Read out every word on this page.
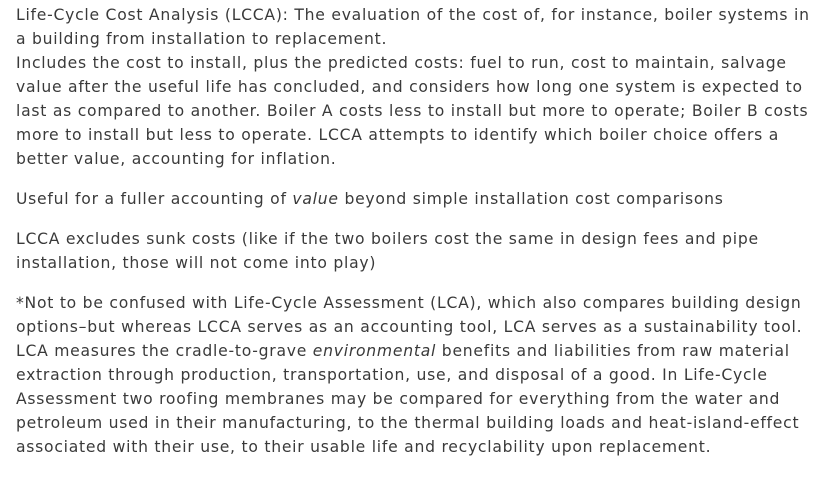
Life-Cycle Cost Analysis (LCCA): The evaluation of the cost of, for instance, boiler systems in a building from installation to replacement.

Includes the cost to install, plus the predicted costs: fuel to run, cost to maintain, salvage value after the useful life has concluded, and considers how long one system is expected to last as compared to another. Boiler A costs less to install but more to operate; Boiler B costs more to install but less to operate. LCCA attempts to identify which boiler choice offers a better value, accounting for inflation.

Useful for a fuller accounting of value beyond simple installation cost comparisons

LCCA excludes sunk costs (like if the two boilers cost the same in design fees and pipe installation, those will not come into play)

*Not to be confused with Life-Cycle Assessment (LCA), which also compares building design options–but whereas LCCA serves as an accounting tool, LCA serves as a sustainability tool. LCA measures the cradle-to-grave environmental benefits and liabilities from raw material extraction through production, transportation, use, and disposal of a good. In Life-Cycle Assessment two roofing membranes may be compared for everything from the water and petroleum used in their manufacturing, to the thermal building loads and heat-island-effect associated with their use, to their usable life and recyclability upon replacement.
